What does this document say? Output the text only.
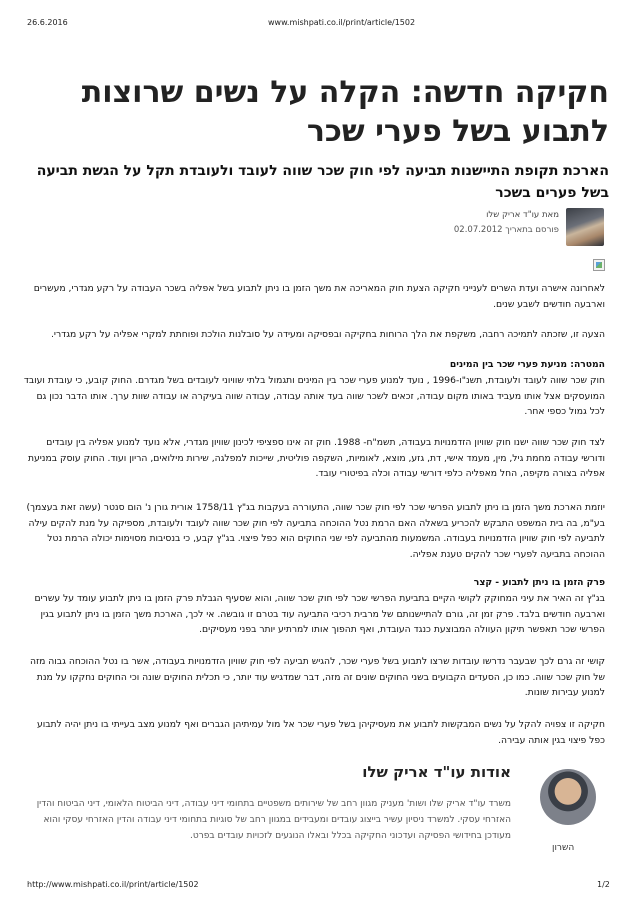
26.6.2016	www.mishpati.co.il/print/article/1502
חקיקה חדשה: הקלה על נשים שרוצות
לתבוע בשל פערי שכר
הארכת תקופת התיישנות תביעה לפי חוק שכר שווה לעובד ולעובדת תקל על הגשת תביעה בשל פערים בשכר
מאת עו"ד אריק שלו
פורסם בתאריך 02.07.2012
לאחרונה אישרה ועדת השרים לענייני חקיקה הצעת חוק המאריכה את משך הזמן בו ניתן לתבוע בשל אפליה בשכר העבודה על רקע מגדרי, מעשרים וארבעה חודשים לשבע שנים.
הצעה זו, שזכתה לתמיכה רחבה, משקפת את הלך הרוחות בחקיקה ובפסיקה ומעידה על סובלנות הולכת ופוחתת למקרי אפליה על רקע מגדרי.
המטרה: מניעת פערי שכר בין המינים
חוק שכר שווה לעובד ולעובדת, תשנ"ו-1996 , נועד למנוע פערי שכר בין המינים ותגמול בלתי שוויוני לעובדים בשל מגדרם. החוק קובע, כי עובדת ועובד המועסקים אצל אותו מעביד באותו מקום עבודה, זכאים לשכר שווה בעד אותה עבודה, עבודה שווה בעיקרה או עבודה שוות ערך. אותו הדבר נכון גם לכל גמול כספי אחר.
לצד חוק שכר שווה ישנו חוק שוויון הזדמנויות בעבודה, תשמ"ח- 1988. חוק זה אינו ספציפי לכינון שוויון מגדרי, אלא נועד למנוע אפליה בין עובדים ודורשי עבודה מחמת גיל, מין, מעמד אישי, דת, גזע, מוצא, לאומיות, השקפה פוליטית, שייכות למפלגה, שירות מילואים, הריון ועוד. החוק עוסק במניעת אפליה בצורה מקיפה, החל מאפליה כלפי דורשי עבודה וכלה בפיטורי עובד.
יוזמת הארכת משך הזמן בו ניתן לתבוע הפרשי שכר לפי חוק שכר שווה, התעוררה בעקבות בג"ץ 1758/11 אורית גורן נ' הום סנטר (עשה זאת בעצמך) בע"מ, בה בית המשפט התבקש להכריע בשאלה האם הרמת נטל ההוכחה בתביעה לפי חוק שכר שווה לעובד ולעובדת, מספיקה על מנת להקים עילה לתביעה לפי חוק שוויון הזדמנויות בעבודה. המשמעות מהתביעה לפי שני החוקים הוא כפל פיצוי. בג"ץ קבע, כי בנסיבות מסוימות יכולה הרמת נטל ההוכחה בתביעה לפערי שכר להקים טענת אפליה.
פרק הזמן בו ניתן לתבוע - קצר
בג"ץ זה האיר את עיני המחוקק לקושי הקיים בתביעת הפרשי שכר לפי חוק שכר שווה, והוא שסעיף הגבלת פרק הזמן בו ניתן לתבוע עומד על עשרים וארבעה חודשים בלבד. פרק זמן זה, גורם להתיישנותם של מרבית רכיבי התביעה עוד בטרם זו גובשה. אי לכך, הארכת משך הזמן בו ניתן לתבוע בגין הפרשי שכר תאפשר תיקון העוולה המבוצעת כנגד העובדת, ואף תהפוך אותו למרתיע יותר בפני מעסיקים.
קושי זה גרם לכך שבעבר נדרשו עובדות שרצו לתבוע בשל פערי שכר, להגיש תביעה לפי חוק שוויון הזדמנויות בעבודה, אשר בו נטל ההוכחה גבוה מזה של חוק שכר שווה. כמו כן, הסעדים הקבועים בשני החוקים שונים זה מזה, דבר שמדגיש עוד יותר, כי תכלית החוקים שונה וכי החוקים נחקקו על מנת למנוע עבירות שונות.
חקיקה זו צפויה להקל על נשים המבקשות לתבוע את מעסיקיהן בשל פערי שכר אל מול עמיתיהן הגברים ואף למנוע מצב בעייתי בו ניתן יהיה לתבוע כפל פיצוי בגין אותה עבירה.
אודות עו"ד אריק שלו
השרון
משרד עו"ד אריק שלו ושות' מעניק מגוון רחב של שירותים משפטיים בתחומי דיני עבודה, דיני הביטוח הלאומי, דיני הביטוח והדין האזרחי עסקי. למשרד ניסיון עשיר בייצוג עובדים ומעבידים במגוון רחב של סוגיות בתחומי דיני עבודה והדין האזרחי עסקי והוא מעודכן בחידושי הפסיקה ועדכוני החקיקה בכלל ובאלו הנוגעים לזכויות עובדים בפרט.
http://www.mishpati.co.il/print/article/1502	1/2
